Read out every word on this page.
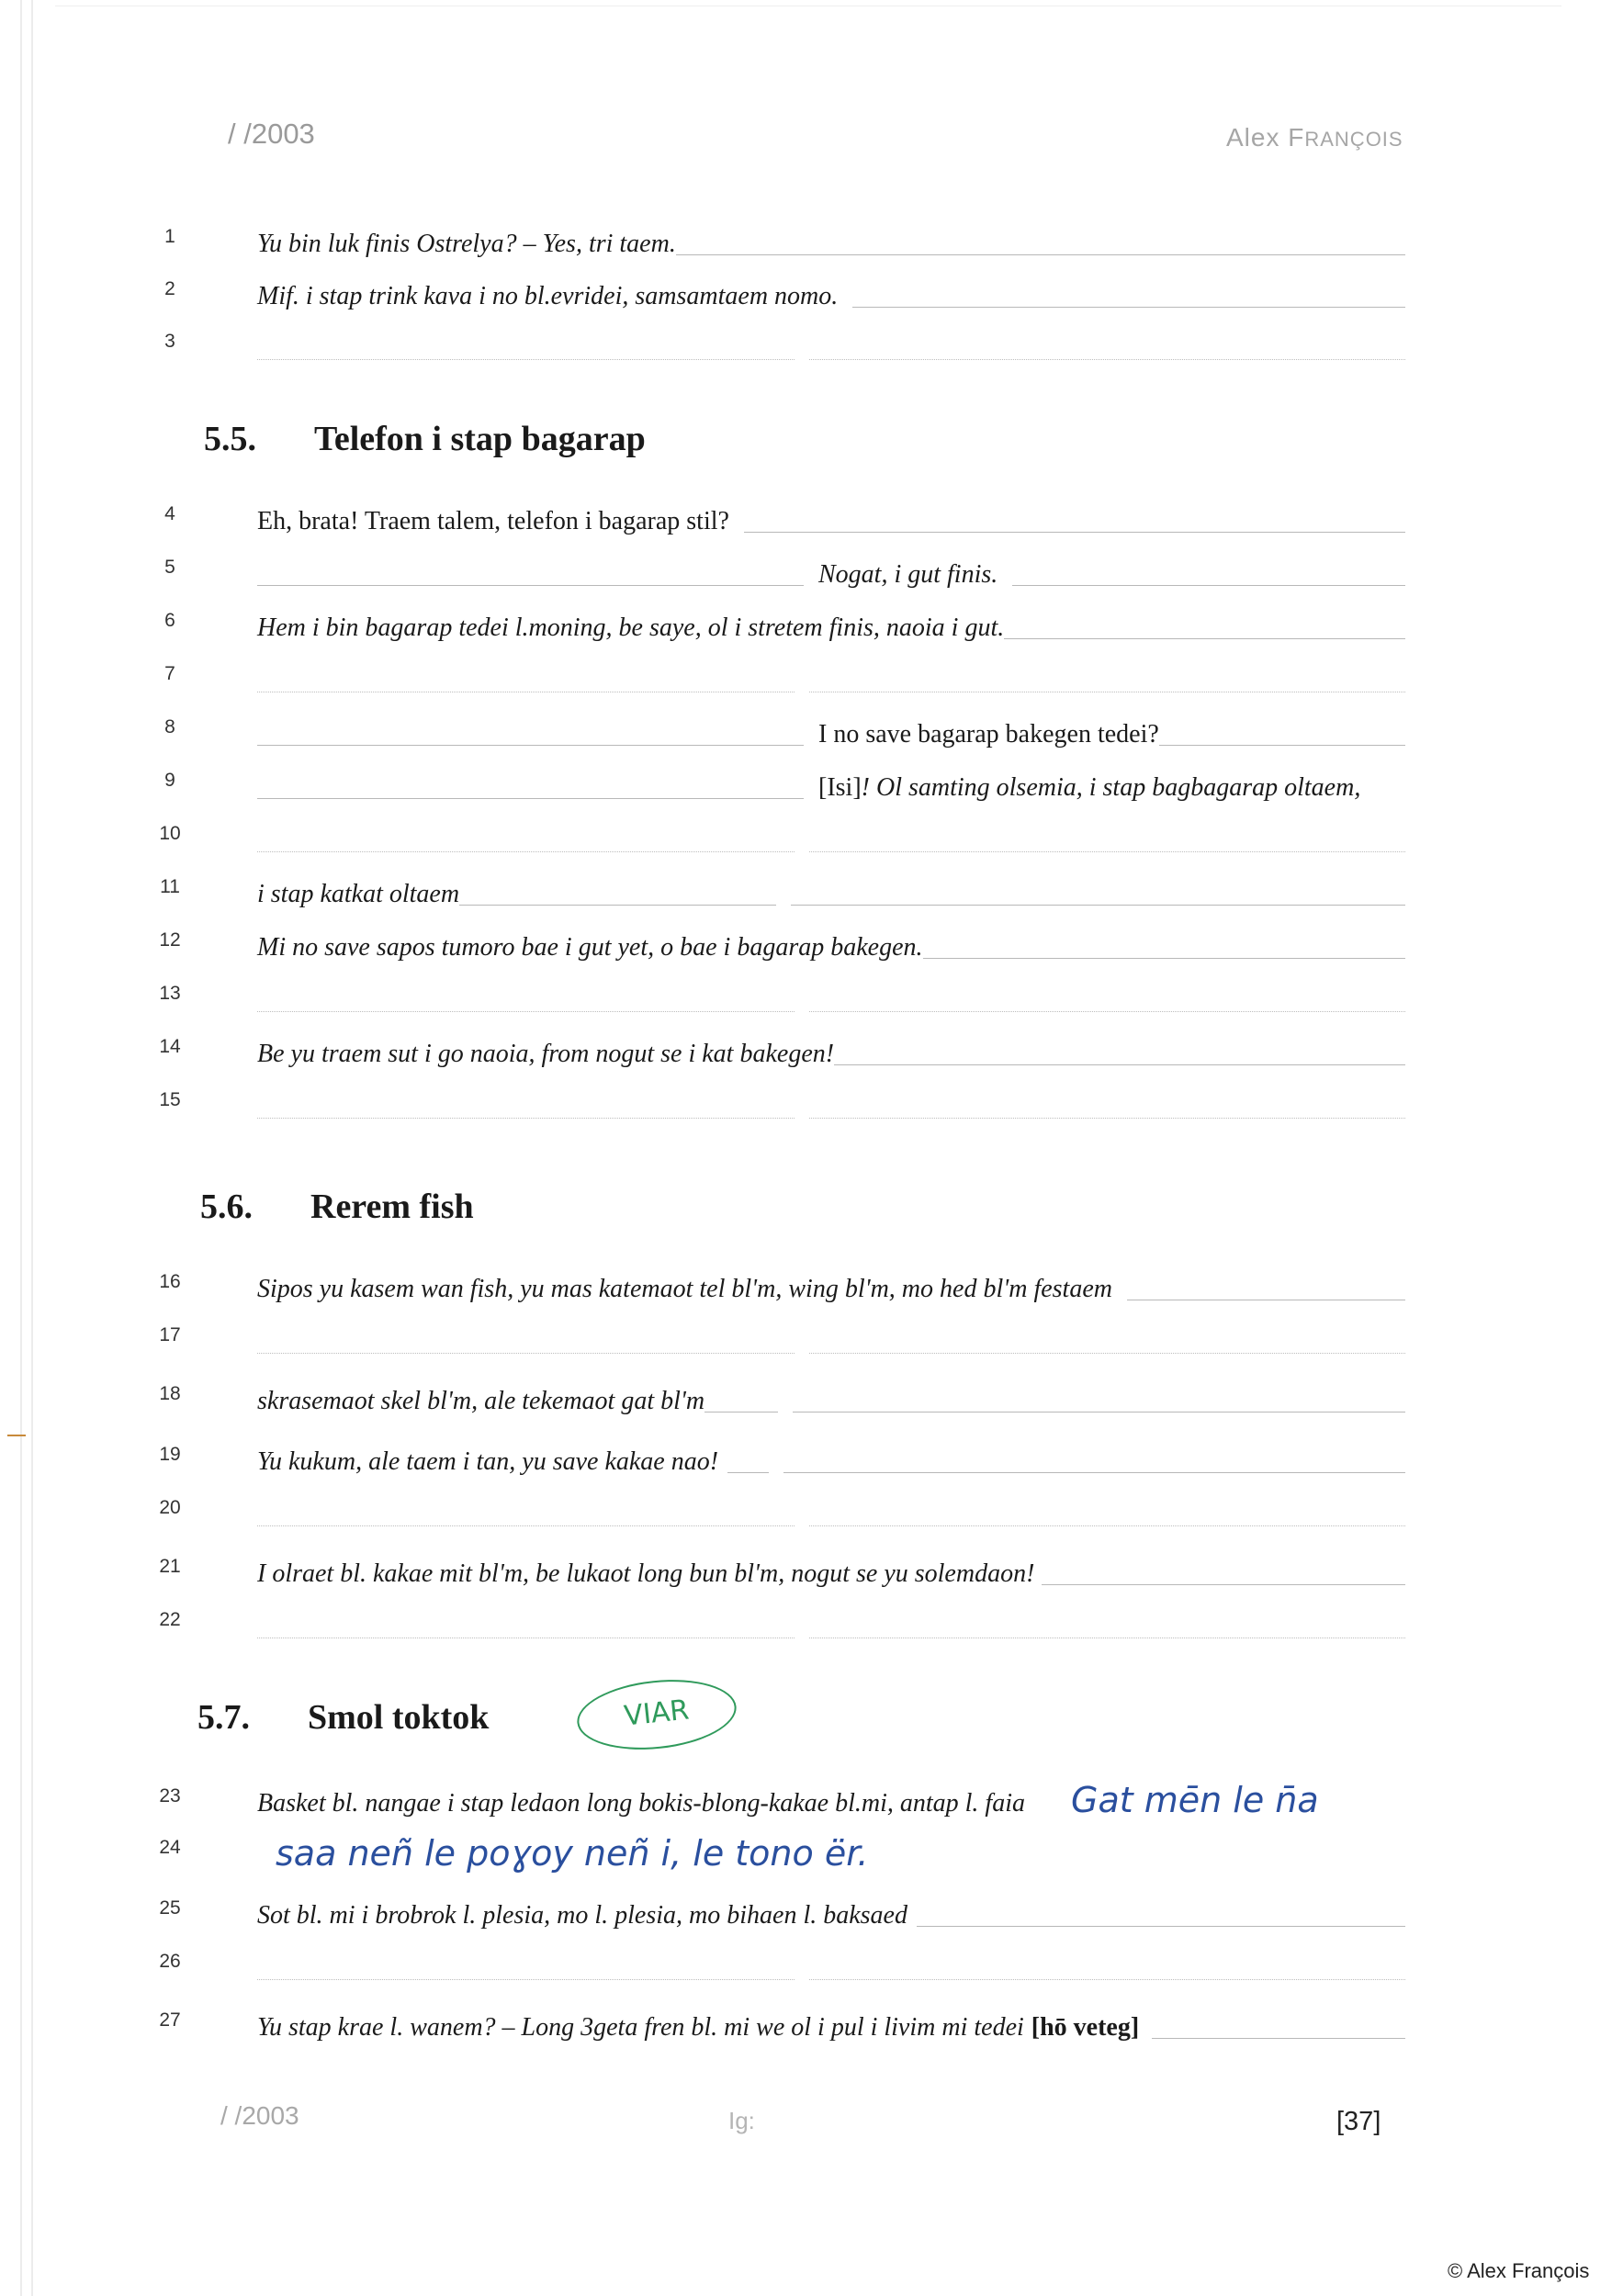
/ /2003	Alex FRANÇOIS
1	Yu bin luk finis Ostrelya? – Yes, tri taem.
2	Mif. i stap trink kava i no bl.evridei, samsamtaem nomo.
3
5.5. Telefon i stap bagarap
4	Eh, brata! Traem talem, telefon i bagarap stil?
5	Nogat, i gut finis.
6	Hem i bin bagarap tedei l.moning, be saye, ol i stretem finis, naoia i gut.
7
8	I no save bagarap bakegen tedei?
9	[Isi] ! Ol samting olsemia, i stap bagbagarap oltaem,
10
11	i stap katkat oltaem
12	Mi no save sapos tumoro bae i gut yet, o bae i bagarap bakegen.
13
14	Be yu traem sut i go naoia, from nogut se i kat bakegen!
15
5.6. Rerem fish
16	Sipos yu kasem wan fish, yu mas katemaot tel bl'm, wing bl'm, mo hed bl'm festaem
17
18	skrasemaot skel bl'm, ale tekemaot gat bl'm
19	Yu kukum, ale taem i tan, yu save kakae nao!
20
21	I olraet bl. kakae mit bl'm, be lukaot long bun bl'm, nogut se yu solemdaon!
22
5.7. Smol toktok	VIAR
23	Basket bl. nangae i stap ledaon long bokis-blong-kakae bl.mi, antap l. faia Gat mēn le n̄a
24	saa neñ le poɣoy neñ i, le tono ër.
25	Sot bl. mi i brobrok l. plesia, mo l. plesia, mo bihaen l. baksaed
26
27	Yu stap krae l. wanem? – Long 3geta fren bl. mi we ol i pul i livim mi tedei [hō veteg]
/ /2003	Ig:	[37]
© Alex François
